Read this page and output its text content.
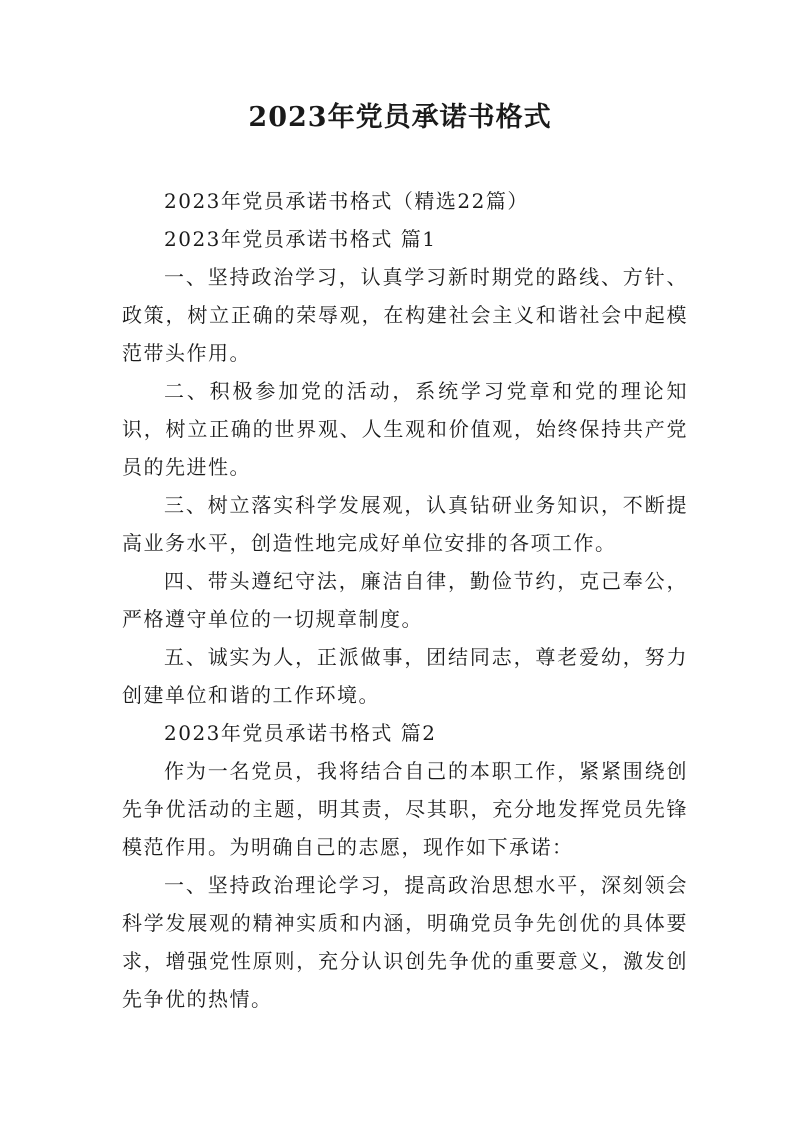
2023年党员承诺书格式

2023年党员承诺书格式（精选22篇）

2023年党员承诺书格式 篇1

一、坚持政治学习，认真学习新时期党的路线、方针、政策，树立正确的荣辱观，在构建社会主义和谐社会中起模范带头作用。

二、积极参加党的活动，系统学习党章和党的理论知识，树立正确的世界观、人生观和价值观，始终保持共产党员的先进性。

三、树立落实科学发展观，认真钻研业务知识，不断提高业务水平，创造性地完成好单位安排的各项工作。

四、带头遵纪守法，廉洁自律，勤俭节约，克己奉公，严格遵守单位的一切规章制度。

五、诚实为人，正派做事，团结同志，尊老爱幼，努力创建单位和谐的工作环境。

2023年党员承诺书格式 篇2

作为一名党员，我将结合自己的本职工作，紧紧围绕创先争优活动的主题，明其责，尽其职，充分地发挥党员先锋模范作用。为明确自己的志愿，现作如下承诺：

一、坚持政治理论学习，提高政治思想水平，深刻领会科学发展观的精神实质和内涵，明确党员争先创优的具体要求，增强党性原则，充分认识创先争优的重要意义，激发创先争优的热情。
